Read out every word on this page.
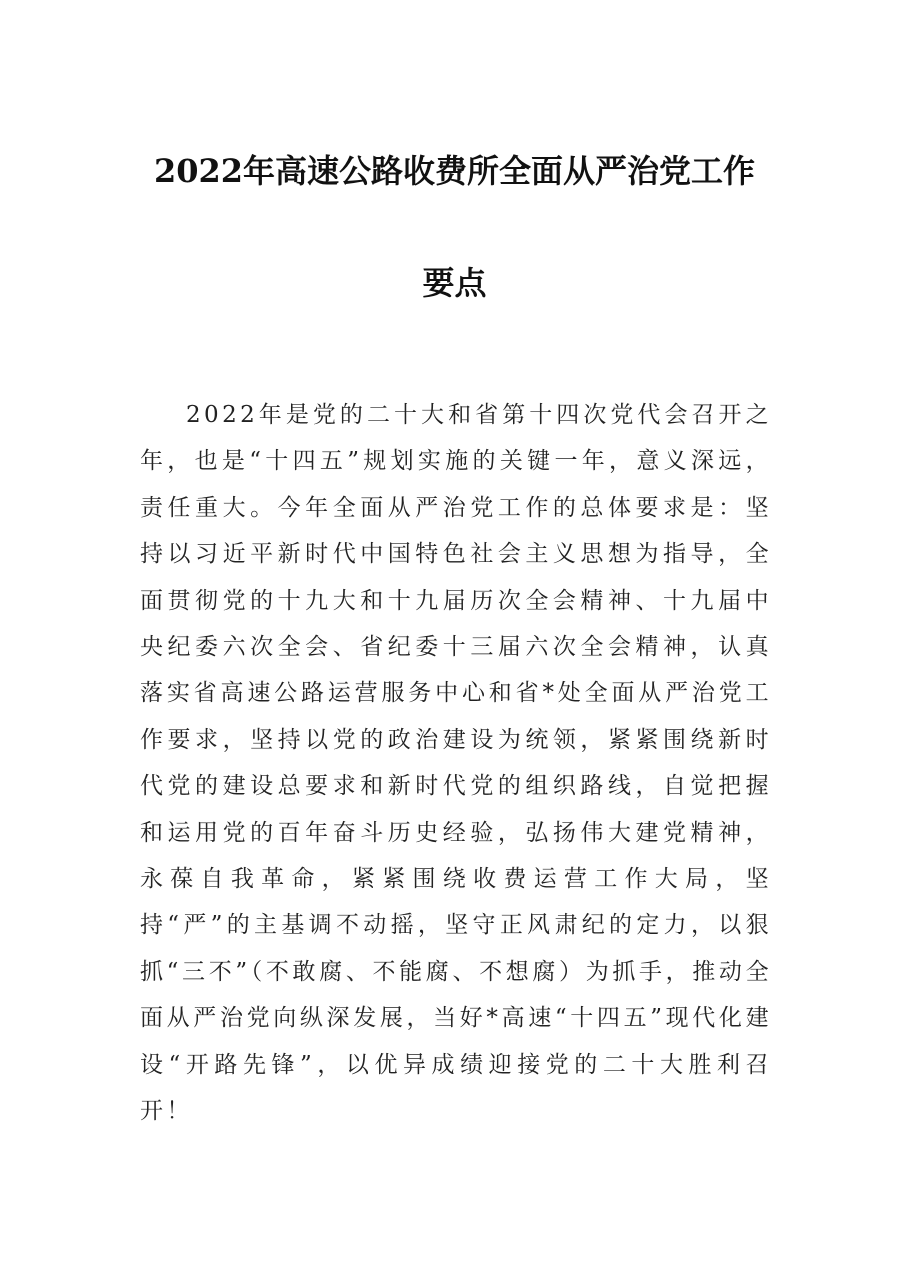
2022年高速公路收费所全面从严治党工作
要点

2022年是党的二十大和省第十四次党代会召开之年，也是“十四五”规划实施的关键一年，意义深远，责任重大。今年全面从严治党工作的总体要求是：坚持以习近平新时代中国特色社会主义思想为指导，全面贯彻党的十九大和十九届历次全会精神、十九届中央纪委六次全会、省纪委十三届六次全会精神，认真落实省高速公路运营服务中心和省*处全面从严治党工作要求，坚持以党的政治建设为统领，紧紧围绕新时代党的建设总要求和新时代党的组织路线，自觉把握和运用党的百年奋斗历史经验，弘扬伟大建党精神，永葆自我革命，紧紧围绕收费运营工作大局，坚持“严”的主基调不动摇，坚守正风肃纪的定力，以狠抓“三不”（不敢腐、不能腐、不想腐）为抓手，推动全面从严治党向纵深发展，当好*高速“十四五”现代化建设“开路先锋”，以优异成绩迎接党的二十大胜利召开！
